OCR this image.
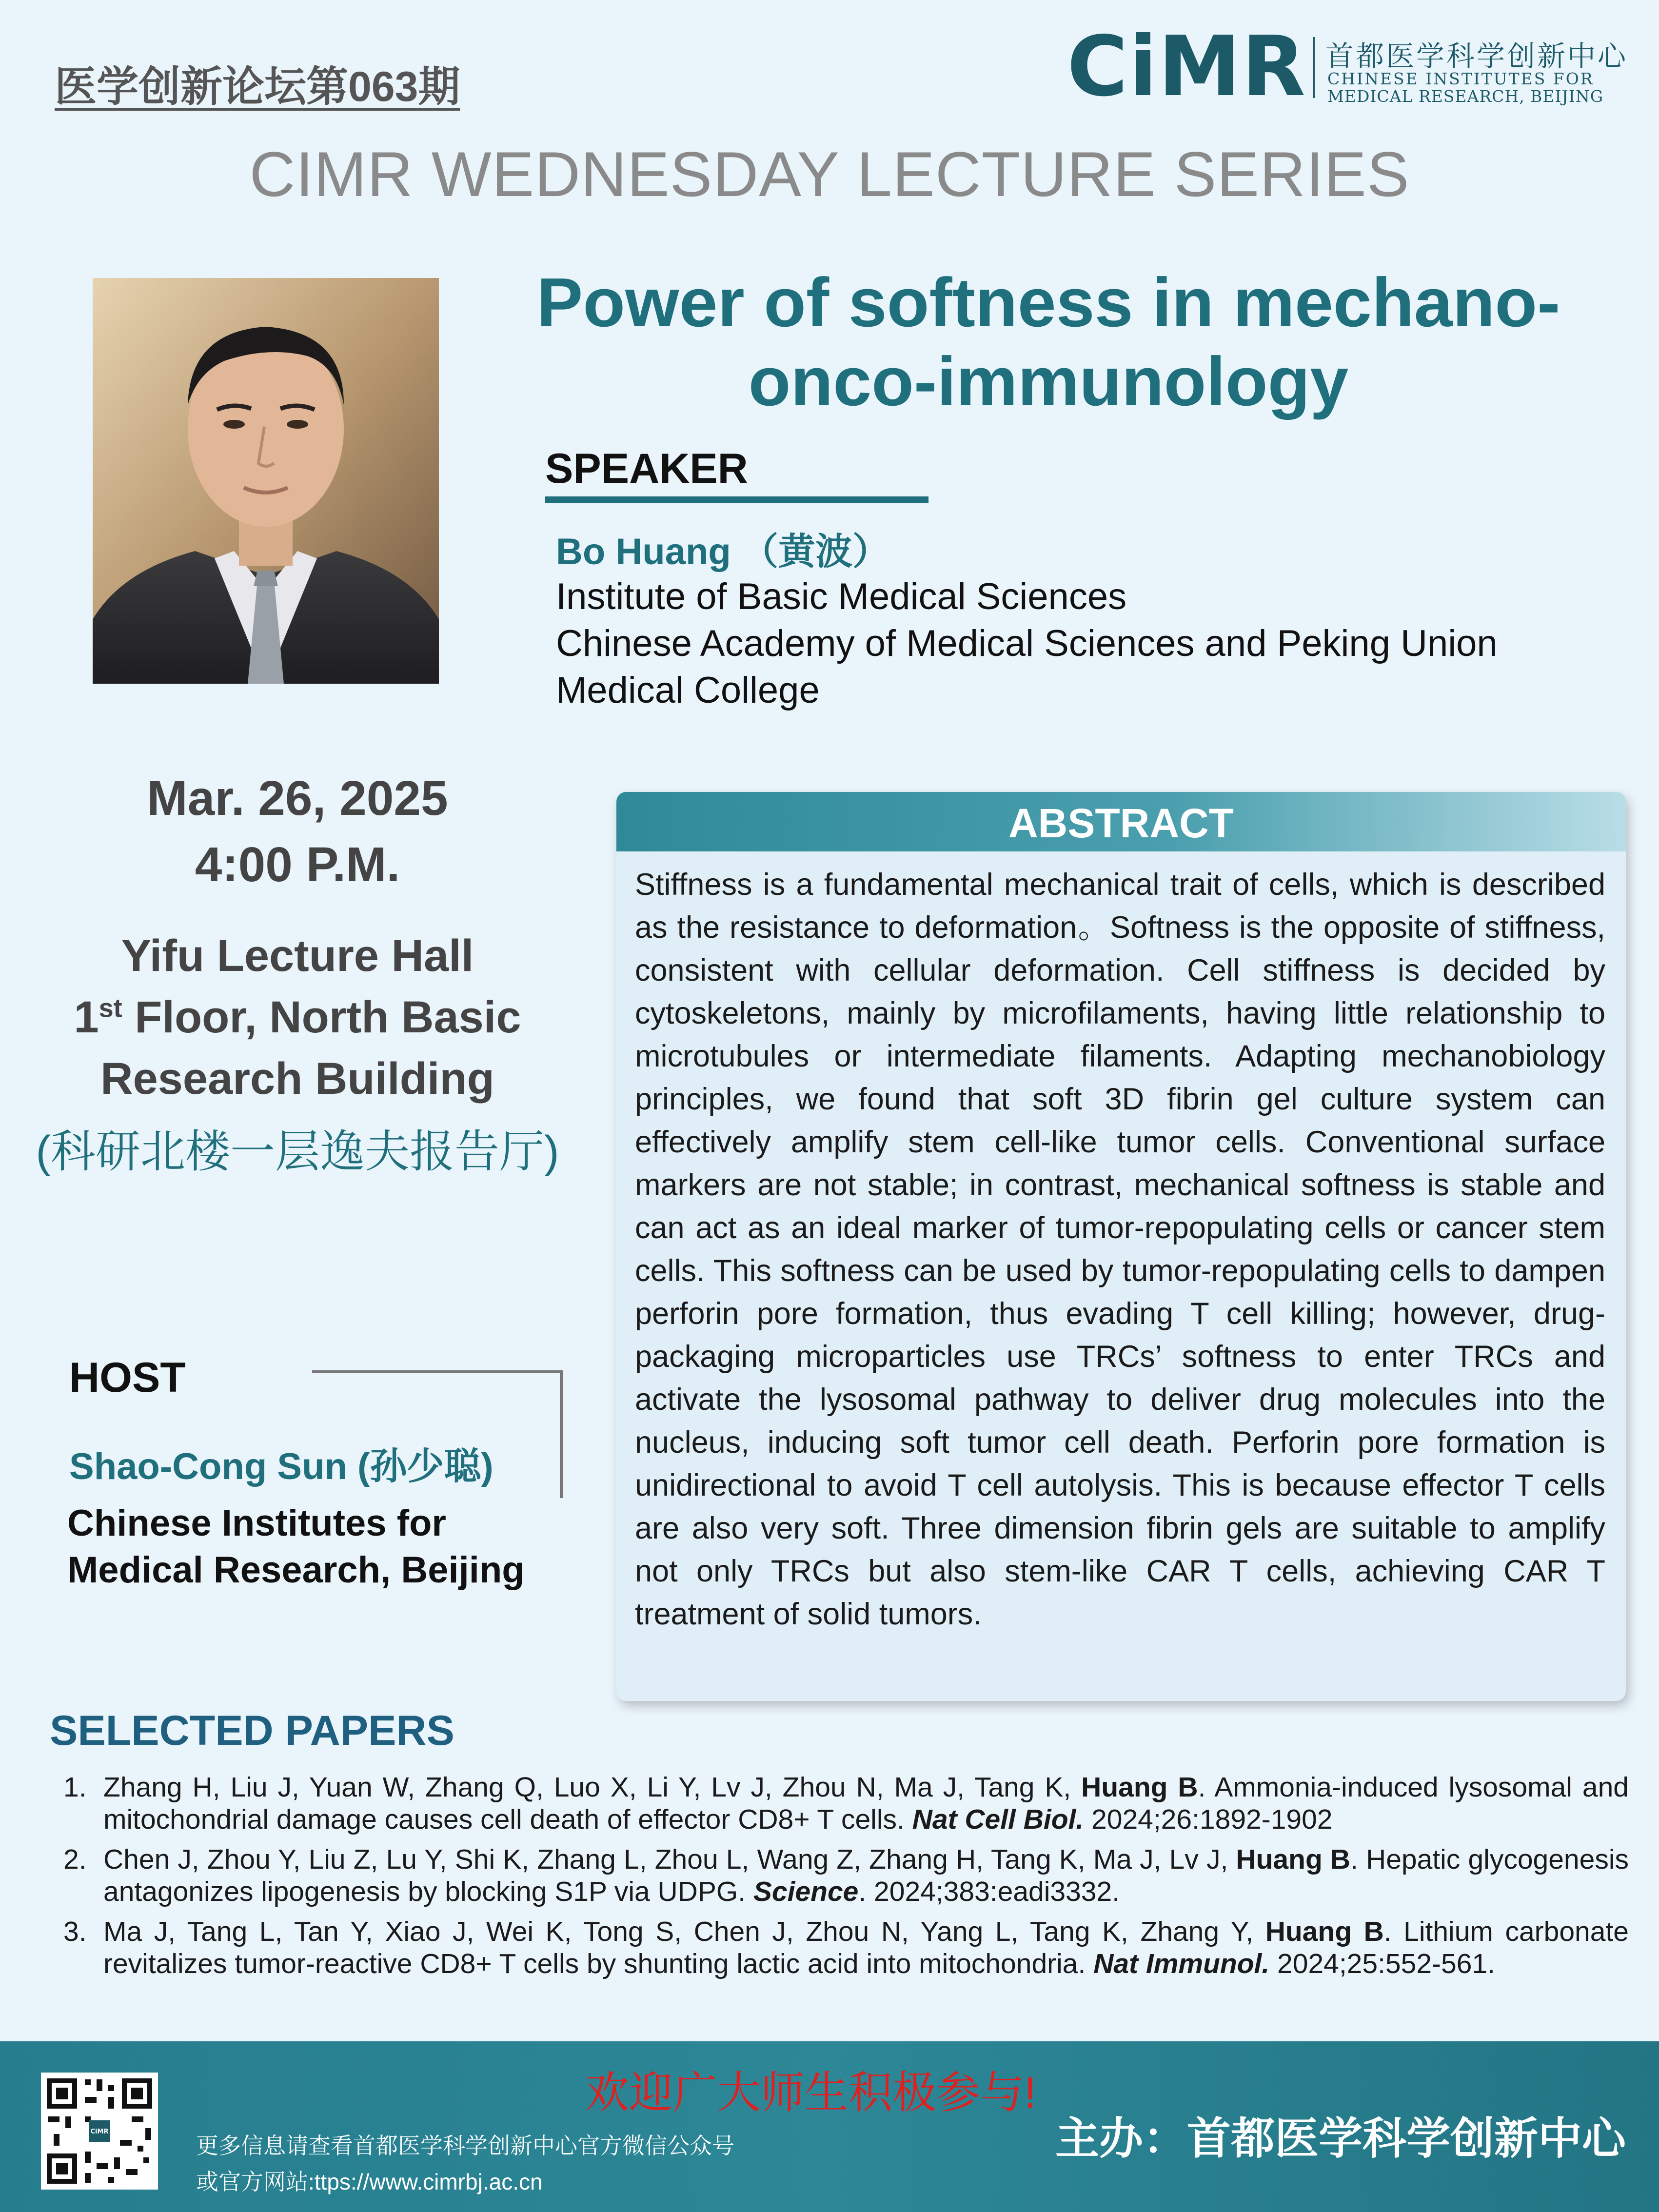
医学创新论坛第063期	CiMR 首都医学科学创新中心
CHINESE INSTITUTES FOR
MEDICAL RESEARCH, BEIJING
CIMR WEDNESDAY LECTURE SERIES
Power of softness in mechano-
onco-immunology
SPEAKER
Bo Huang （黄波）
Institute of Basic Medical Sciences
Chinese Academy of Medical Sciences and Peking Union
Medical College
Mar. 26, 2025
4:00 P.M.
Yifu Lecture Hall
1st Floor, North Basic
Research Building
(科研北楼一层逸夫报告厅)
HOST
Shao-Cong Sun (孙少聪)
Chinese Institutes for
Medical Research, Beijing
ABSTRACT
Stiffness is a fundamental mechanical trait of cells, which is described as the resistance to deformation。Softness is the opposite of stiffness, consistent with cellular deformation. Cell stiffness is decided by cytoskeletons, mainly by microfilaments, having little relationship to microtubules or intermediate filaments. Adapting mechanobiology principles, we found that soft 3D fibrin gel culture system can effectively amplify stem cell-like tumor cells. Conventional surface markers are not stable; in contrast, mechanical softness is stable and can act as an ideal marker of tumor-repopulating cells or cancer stem cells. This softness can be used by tumor-repopulating cells to dampen perforin pore formation, thus evading T cell killing; however, drug-packaging microparticles use TRCs’ softness to enter TRCs and activate the lysosomal pathway to deliver drug molecules into the nucleus, inducing soft tumor cell death. Perforin pore formation is unidirectional to avoid T cell autolysis. This is because effector T cells are also very soft. Three dimension fibrin gels are suitable to amplify not only TRCs but also stem-like CAR T cells, achieving CAR T treatment of solid tumors.
SELECTED PAPERS
1. Zhang H, Liu J, Yuan W, Zhang Q, Luo X, Li Y, Lv J, Zhou N, Ma J, Tang K, Huang B. Ammonia-induced lysosomal and mitochondrial damage causes cell death of effector CD8+ T cells. Nat Cell Biol. 2024;26:1892-1902
2. Chen J, Zhou Y, Liu Z, Lu Y, Shi K, Zhang L, Zhou L, Wang Z, Zhang H, Tang K, Ma J, Lv J, Huang B. Hepatic glycogenesis antagonizes lipogenesis by blocking S1P via UDPG. Science. 2024;383:eadi3332.
3. Ma J, Tang L, Tan Y, Xiao J, Wei K, Tong S, Chen J, Zhou N, Yang L, Tang K, Zhang Y, Huang B. Lithium carbonate revitalizes tumor-reactive CD8+ T cells by shunting lactic acid into mitochondria. Nat Immunol. 2024;25:552-561.
CiMR
欢迎广大师生积极参与!
更多信息请查看首都医学科学创新中心官方微信公众号
或官方网站:ttps://www.cimrbj.ac.cn
主办：首都医学科学创新中心
